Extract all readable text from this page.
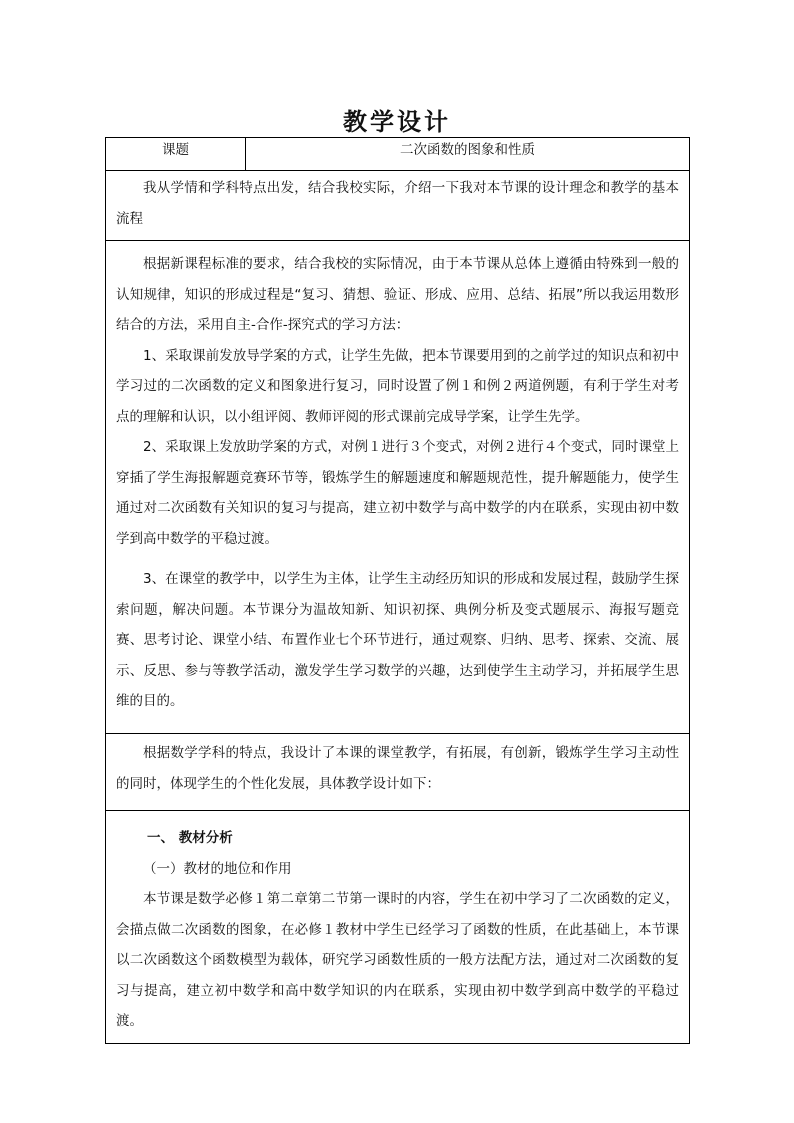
教学设计
课题	二次函数的图象和性质

我从学情和学科特点出发，结合我校实际，介绍一下我对本节课的设计理念和教学的基本流程

根据新课程标准的要求，结合我校的实际情况，由于本节课从总体上遵循由特殊到一般的认知规律，知识的形成过程是“复习、猜想、验证、形成、应用、总结、拓展”所以我运用数形结合的方法，采用自主-合作-探究式的学习方法：

1、采取课前发放导学案的方式，让学生先做，把本节课要用到的之前学过的知识点和初中学习过的二次函数的定义和图象进行复习，同时设置了例１和例２两道例题，有利于学生对考点的理解和认识，以小组评阅、教师评阅的形式课前完成导学案，让学生先学。

2、采取课上发放助学案的方式，对例１进行３个变式，对例２进行４个变式，同时课堂上穿插了学生海报解题竞赛环节等，锻炼学生的解题速度和解题规范性，提升解题能力，使学生通过对二次函数有关知识的复习与提高，建立初中数学与高中数学的内在联系，实现由初中数学到高中数学的平稳过渡。

3、在课堂的教学中，以学生为主体，让学生主动经历知识的形成和发展过程，鼓励学生探索问题，解决问题。本节课分为温故知新、知识初探、典例分析及变式题展示、海报写题竞赛、思考讨论、课堂小结、布置作业七个环节进行，通过观察、归纳、思考、探索、交流、展示、反思、参与等教学活动，激发学生学习数学的兴趣，达到使学生主动学习，并拓展学生思维的目的。

根据数学学科的特点，我设计了本课的课堂教学，有拓展，有创新，锻炼学生学习主动性的同时，体现学生的个性化发展，具体教学设计如下：

一、 教材分析

（一）教材的地位和作用

本节课是数学必修１第二章第二节第一课时的内容，学生在初中学习了二次函数的定义，会描点做二次函数的图象，在必修１教材中学生已经学习了函数的性质，在此基础上，本节课以二次函数这个函数模型为载体，研究学习函数性质的一般方法配方法，通过对二次函数的复习与提高，建立初中数学和高中数学知识的内在联系，实现由初中数学到高中数学的平稳过渡。
